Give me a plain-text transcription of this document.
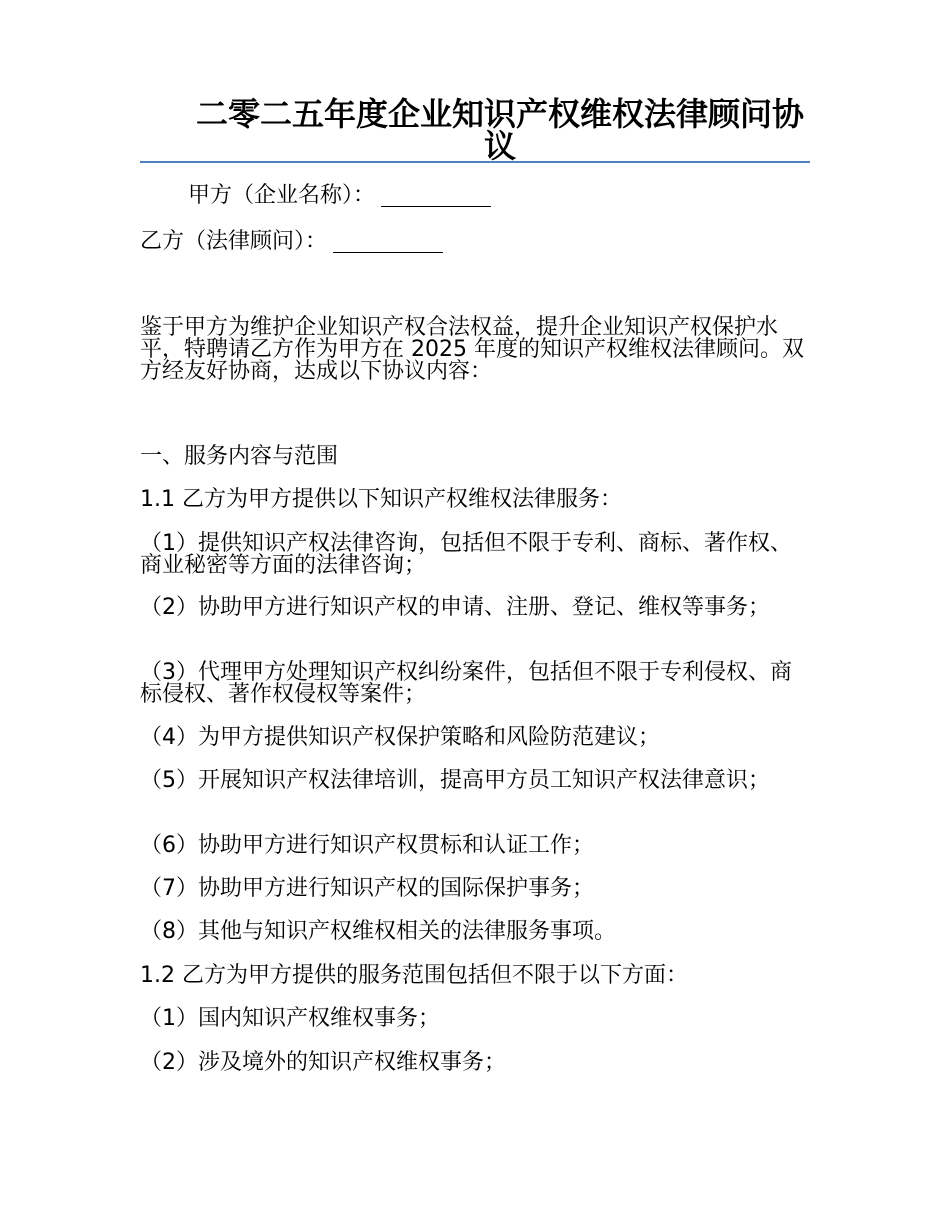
二零二五年度企业知识产权维权法律顾问协议
甲方（企业名称）：
乙方（法律顾问）：
鉴于甲方为维护企业知识产权合法权益，提升企业知识产权保护水平，特聘请乙方作为甲方在 2025 年度的知识产权维权法律顾问。双方经友好协商，达成以下协议内容：
一、服务内容与范围
1.1 乙方为甲方提供以下知识产权维权法律服务：
（1）提供知识产权法律咨询，包括但不限于专利、商标、著作权、商业秘密等方面的法律咨询；
（2）协助甲方进行知识产权的申请、注册、登记、维权等事务；
（3）代理甲方处理知识产权纠纷案件，包括但不限于专利侵权、商标侵权、著作权侵权等案件；
（4）为甲方提供知识产权保护策略和风险防范建议；
（5）开展知识产权法律培训，提高甲方员工知识产权法律意识；
（6）协助甲方进行知识产权贯标和认证工作；
（7）协助甲方进行知识产权的国际保护事务；
（8）其他与知识产权维权相关的法律服务事项。
1.2 乙方为甲方提供的服务范围包括但不限于以下方面：
（1）国内知识产权维权事务；
（2）涉及境外的知识产权维权事务；
